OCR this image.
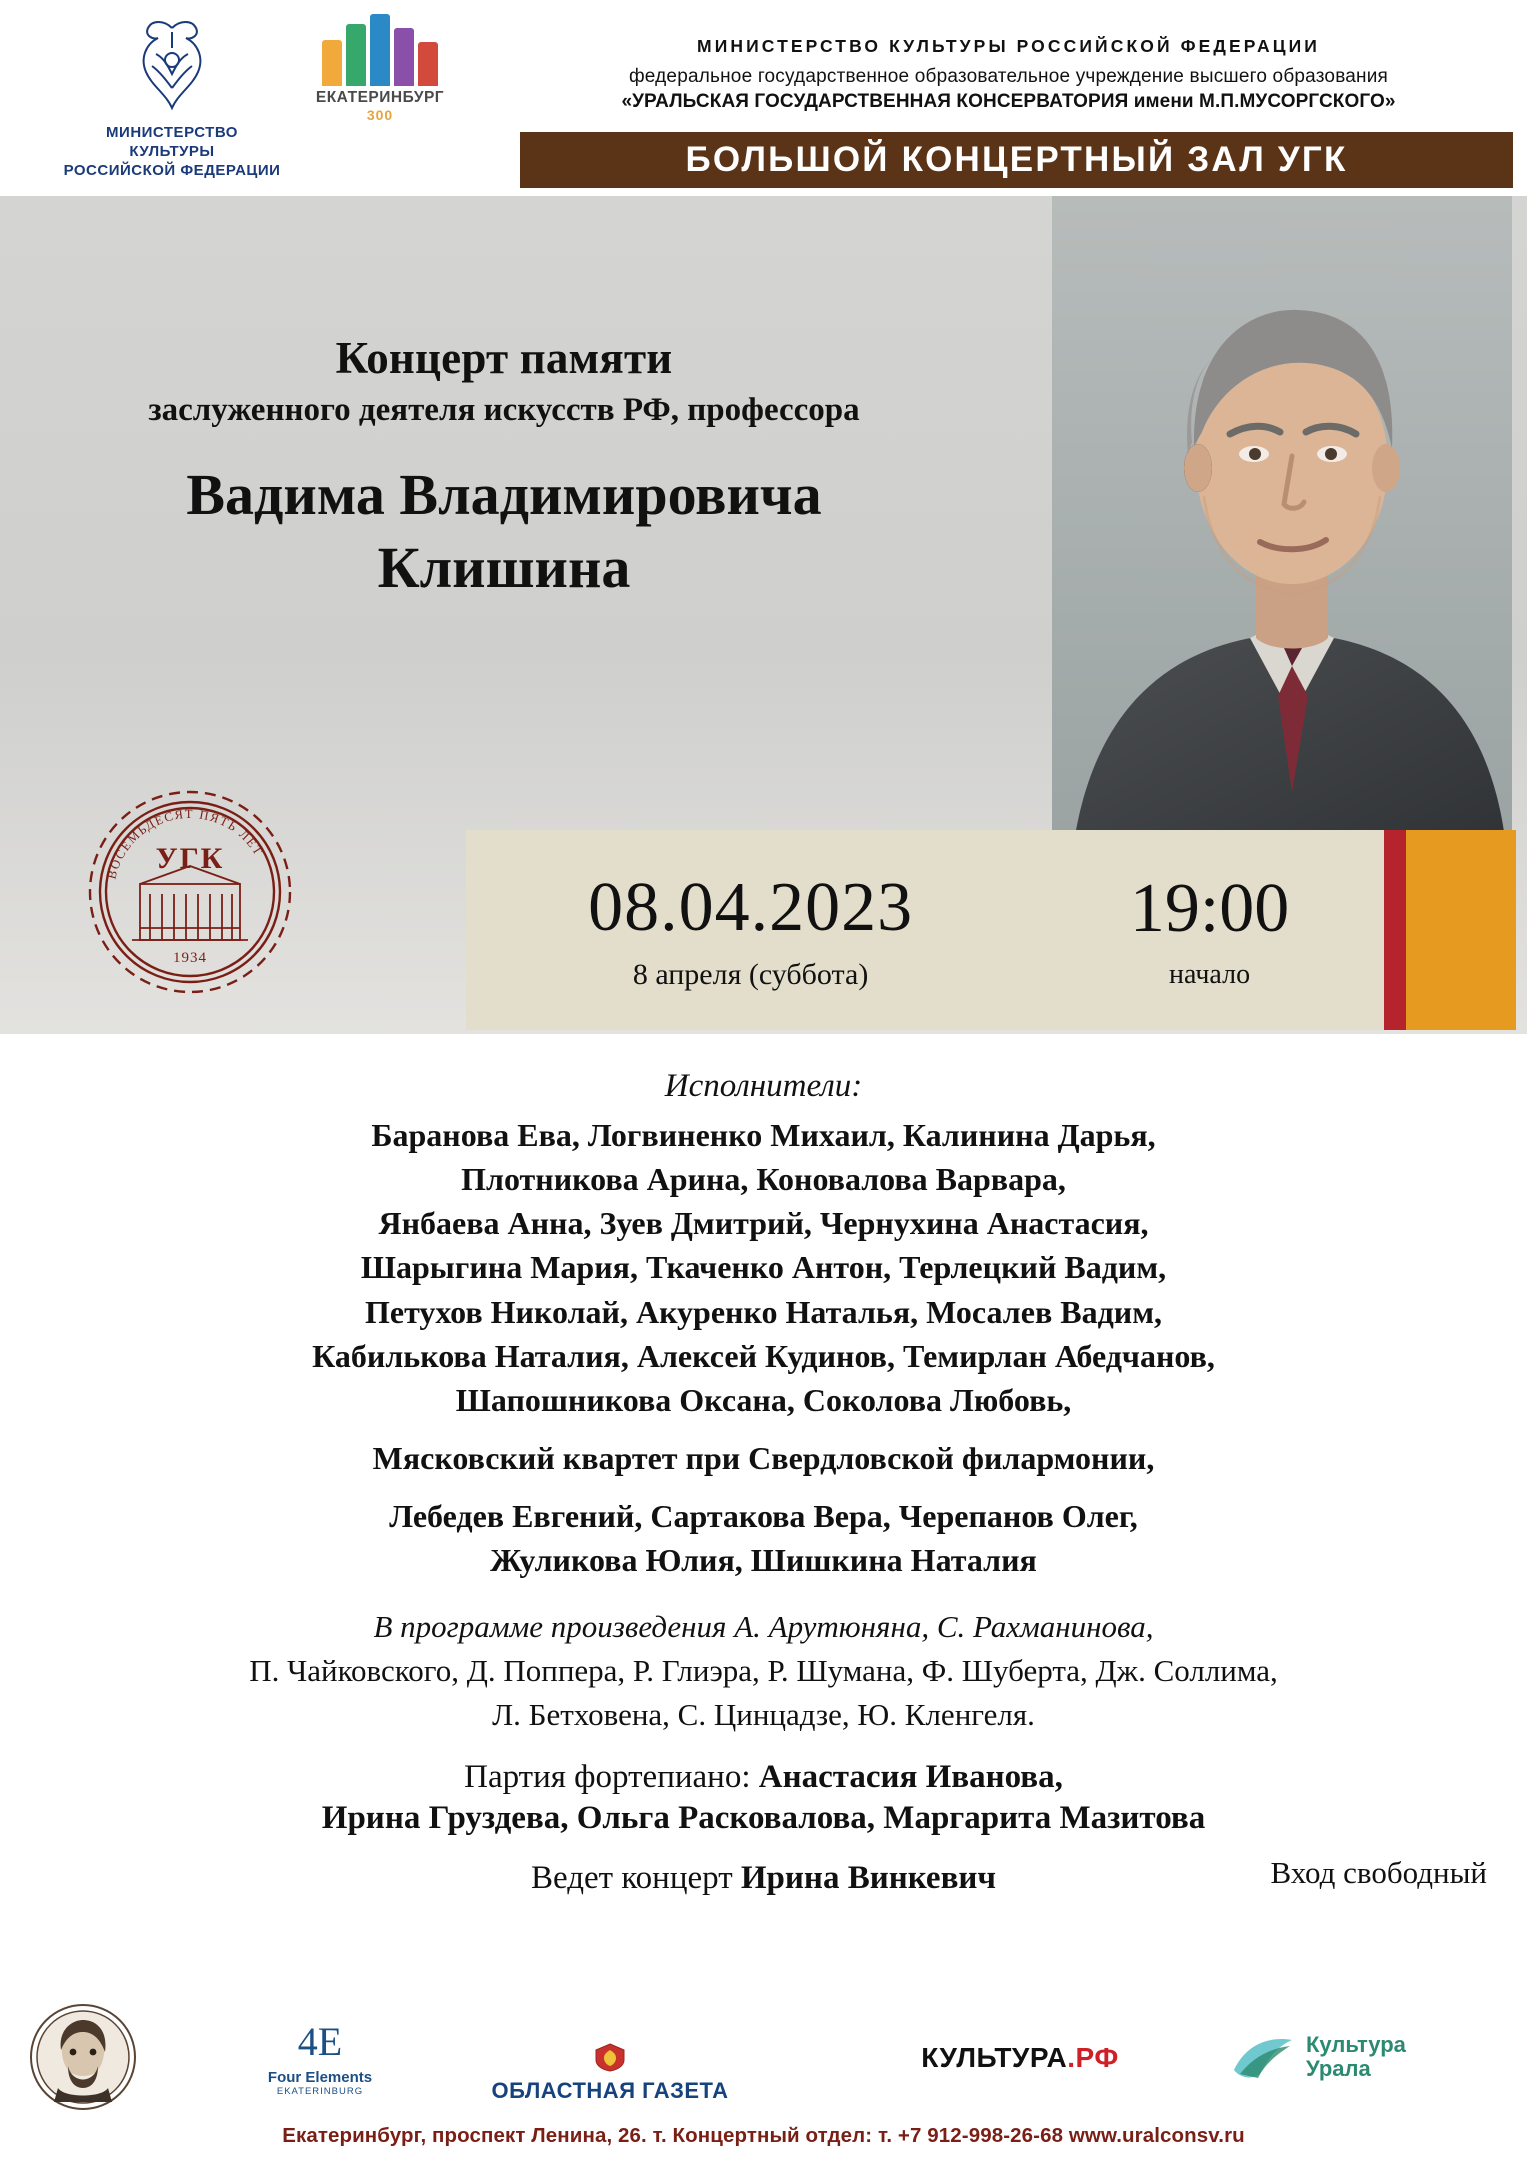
МИНИСТЕРСТВО КУЛЬТУРЫ
РОССИЙСКОЙ ФЕДЕРАЦИИ
ЕКАТЕРИНБУРГ
300
МИНИСТЕРСТВО КУЛЬТУРЫ РОССИЙСКОЙ ФЕДЕРАЦИИ
федеральное государственное образовательное учреждение высшего образования
«УРАЛЬСКАЯ ГОСУДАРСТВЕННАЯ КОНСЕРВАТОРИЯ имени М.П.МУСОРГСКОГО»
БОЛЬШОЙ КОНЦЕРТНЫЙ ЗАЛ УГК
Концерт памяти
заслуженного деятеля искусств РФ, профессора
Вадима Владимировича
Клишина
ВОСЕМЬДЕСЯТ ПЯТЬ ЛЕТ
УГК
1934
08.04.2023
8 апреля (суббота)
19:00
начало
Исполнители:
Баранова Ева, Логвиненко Михаил, Калинина Дарья,
Плотникова Арина, Коновалова Варвара,
Янбаева Анна, Зуев Дмитрий, Чернухина Анастасия,
Шарыгина Мария, Ткаченко Антон, Терлецкий Вадим,
Петухов Николай, Акуренко Наталья, Мосалев Вадим,
Кабилькова Наталия, Алексей Кудинов, Темирлан Абедчанов,
Шапошникова Оксана, Соколова Любовь,
Мясковский квартет при Свердловской филармонии,
Лебедев Евгений, Сартакова Вера, Черепанов Олег,
Жуликова Юлия, Шишкина Наталия
В программе произведения А. Арутюняна, С. Рахманинова,
П. Чайковского, Д. Поппера, Р. Глиэра, Р. Шумана, Ф. Шуберта, Дж. Соллима,
Л. Бетховена, С. Цинцадзе, Ю. Кленгеля.
Партия фортепиано: Анастасия Иванова,
Ирина Груздева, Ольга Расковалова, Маргарита Мазитова
Ведет концерт Ирина Винкевич	Вход свободный
4E
Four Elements
EKATERINBURG	ОБЛАСТНАЯ ГАЗЕТА
КУЛЬТУРА.РФ	Культура
Урала
Екатеринбург, проспект Ленина, 26. т. Концертный отдел: т. +7 912-998-26-68 www.uralconsv.ru
